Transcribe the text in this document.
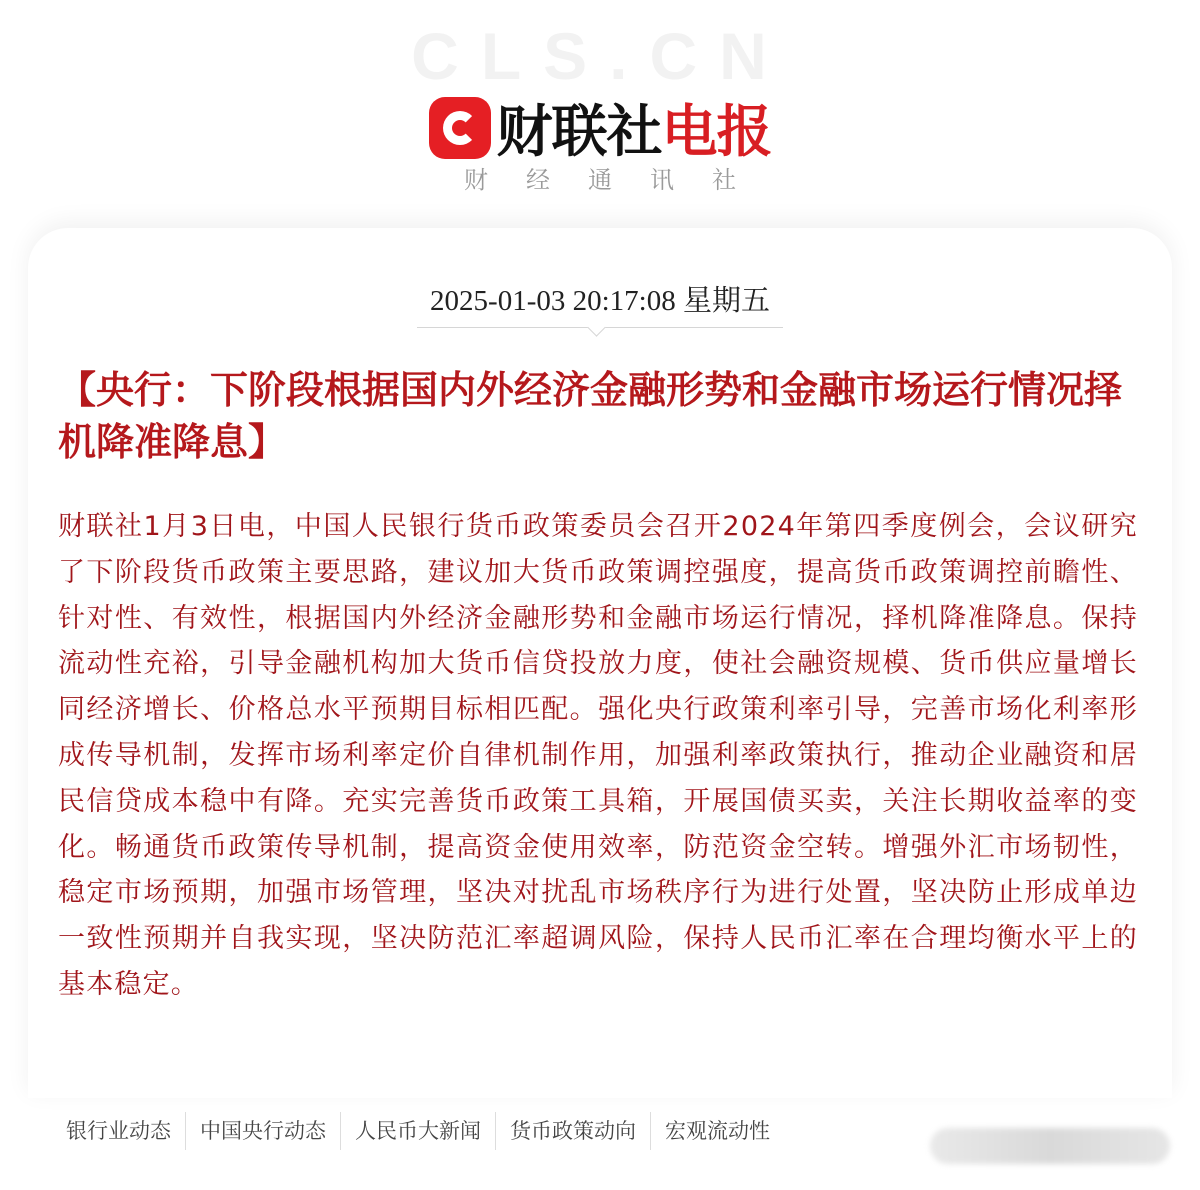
CLS.CN
财联社电报
财经通讯社
2025-01-03 20:17:08 星期五
【央行：下阶段根据国内外经济金融形势和金融市场运行情况择机降准降息】
财联社1月3日电，中国人民银行货币政策委员会召开2024年第四季度例会，会议研究了下阶段货币政策主要思路，建议加大货币政策调控强度，提高货币政策调控前瞻性、针对性、有效性，根据国内外经济金融形势和金融市场运行情况，择机降准降息。保持流动性充裕，引导金融机构加大货币信贷投放力度，使社会融资规模、货币供应量增长同经济增长、价格总水平预期目标相匹配。强化央行政策利率引导，完善市场化利率形成传导机制，发挥市场利率定价自律机制作用，加强利率政策执行，推动企业融资和居民信贷成本稳中有降。充实完善货币政策工具箱，开展国债买卖，关注长期收益率的变化。畅通货币政策传导机制，提高资金使用效率，防范资金空转。增强外汇市场韧性，稳定市场预期，加强市场管理，坚决对扰乱市场秩序行为进行处置，坚决防止形成单边一致性预期并自我实现，坚决防范汇率超调风险，保持人民币汇率在合理均衡水平上的基本稳定。
银行业动态	中国央行动态	人民币大新闻	货币政策动向	宏观流动性
